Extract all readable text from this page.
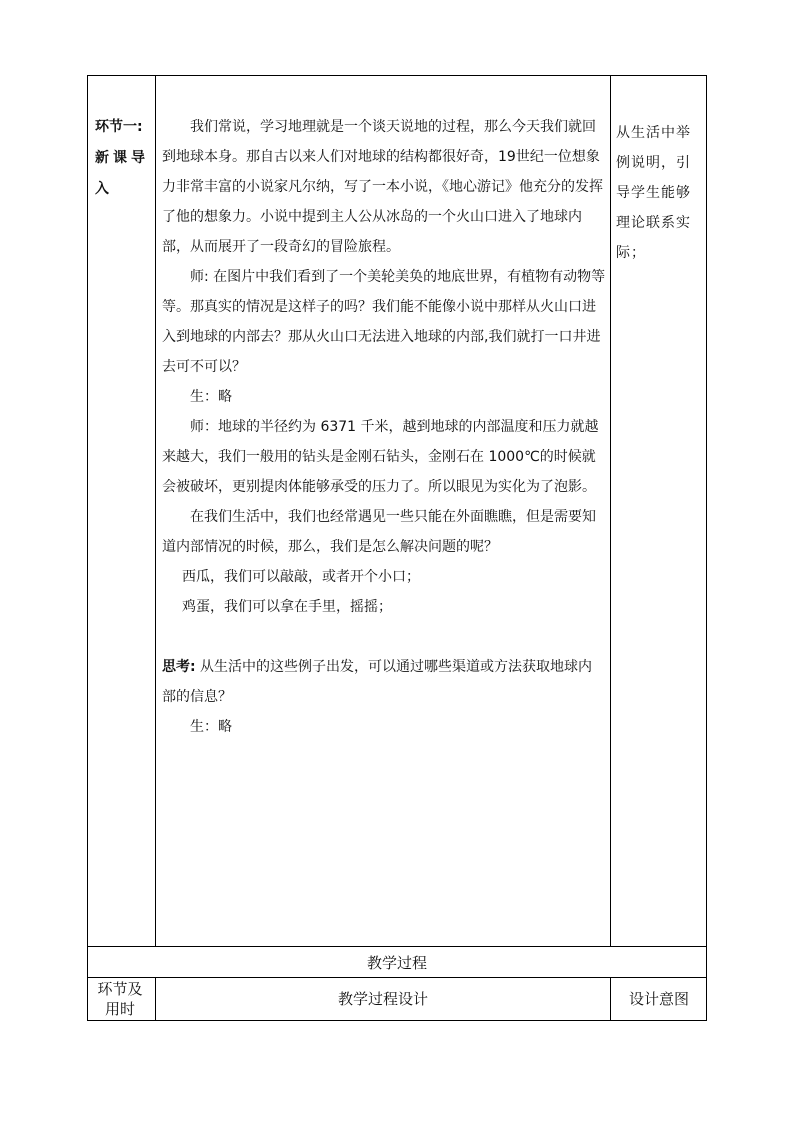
环节一:
新课导
入

我们常说，学习地理就是一个谈天说地的过程，那么今天我们就回到地球本身。那自古以来人们对地球的结构都很好奇，19世纪一位想象力非常丰富的小说家凡尔纳，写了一本小说，《地心游记》他充分的发挥了他的想象力。小说中提到主人公从冰岛的一个火山口进入了地球内部，从而展开了一段奇幻的冒险旅程。

师: 在图片中我们看到了一个美轮美奂的地底世界，有植物有动物等等。那真实的情况是这样子的吗？我们能不能像小说中那样从火山口进入到地球的内部去？那从火山口无法进入地球的内部,我们就打一口井进去可不可以？

生：略

师：地球的半径约为 6371 千米，越到地球的内部温度和压力就越来越大，我们一般用的钻头是金刚石钻头，金刚石在 1000℃的时候就会被破坏，更别提肉体能够承受的压力了。所以眼见为实化为了泡影。

在我们生活中，我们也经常遇见一些只能在外面瞧瞧，但是需要知道内部情况的时候，那么，我们是怎么解决问题的呢？

西瓜，我们可以敲敲，或者开个小口；

鸡蛋，我们可以拿在手里，摇摇；

思考: 从生活中的这些例子出发，可以通过哪些渠道或方法获取地球内部的信息？

生：略

从生活中举例说明，引导学生能够理论联系实际；
教学过程
环节及用时
教学过程设计	设计意图
